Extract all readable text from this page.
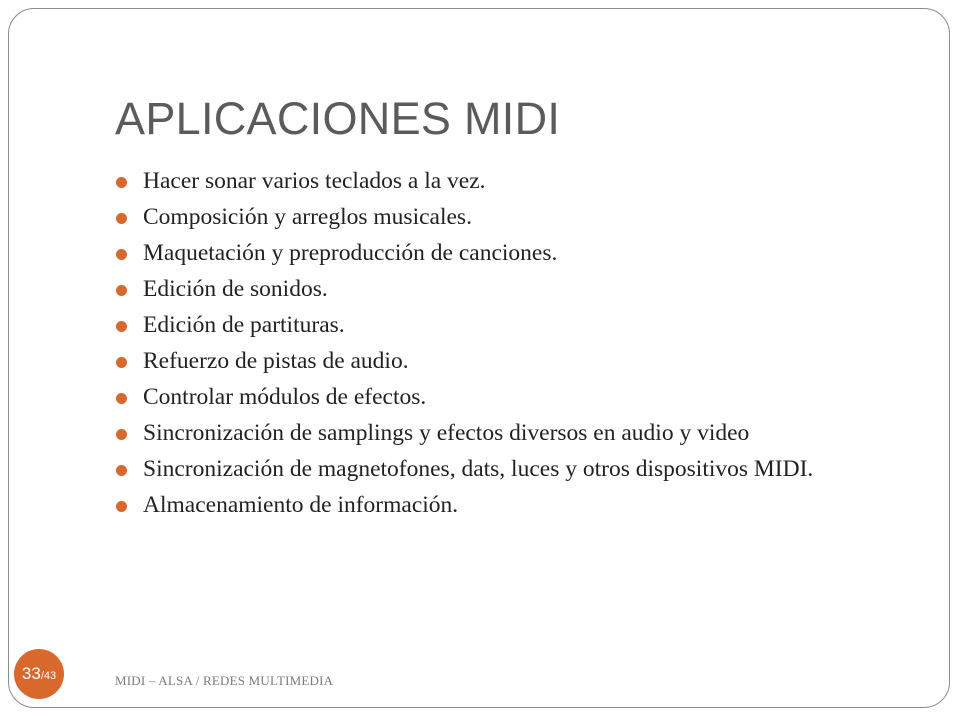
APLICACIONES MIDI
Hacer sonar varios teclados a la vez.
Composición y arreglos musicales.
Maquetación y preproducción de canciones.
Edición de sonidos.
Edición de partituras.
Refuerzo de pistas de audio.
Controlar módulos de efectos.
Sincronización de samplings y efectos diversos en audio y video
Sincronización de magnetofones, dats, luces y otros dispositivos MIDI.
Almacenamiento de información.
MIDI – ALSA / REDES MULTIMEDIA
33 /43
